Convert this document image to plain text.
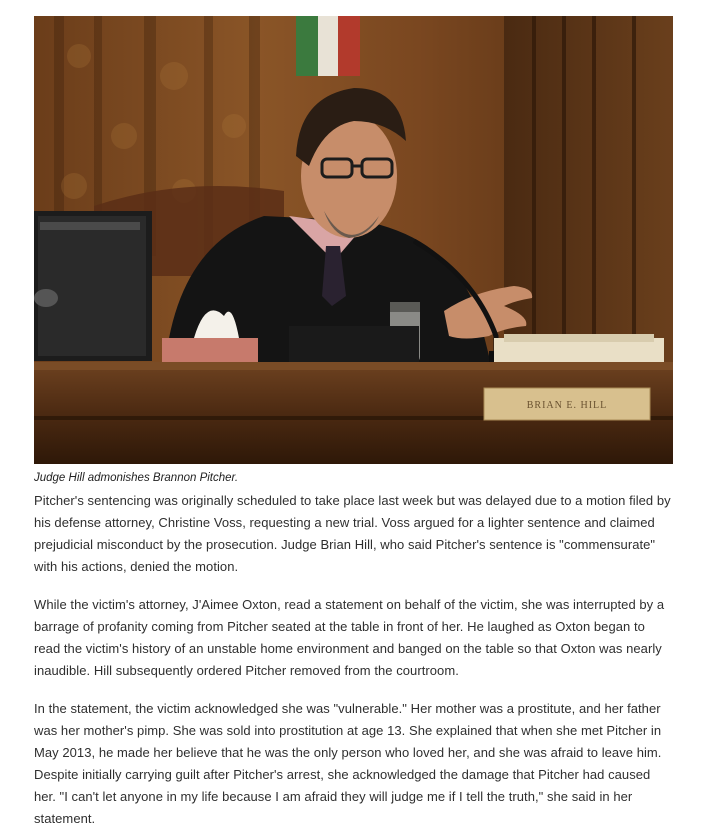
BRIAN E. HILL

Judge Hill admonishes Brannon Pitcher.

Pitcher's sentencing was originally scheduled to take place last week but was delayed due to a motion filed by his defense attorney, Christine Voss, requesting a new trial. Voss argued for a lighter sentence and claimed prejudicial misconduct by the prosecution. Judge Brian Hill, who said Pitcher's sentence is "commensurate" with his actions, denied the motion.

While the victim's attorney, J'Aimee Oxton, read a statement on behalf of the victim, she was interrupted by a barrage of profanity coming from Pitcher seated at the table in front of her. He laughed as Oxton began to read the victim's history of an unstable home environment and banged on the table so that Oxton was nearly inaudible. Hill subsequently ordered Pitcher removed from the courtroom.

In the statement, the victim acknowledged she was "vulnerable." Her mother was a prostitute, and her father was her mother's pimp. She was sold into prostitution at age 13. She explained that when she met Pitcher in May 2013, he made her believe that he was the only person who loved her, and she was afraid to leave him. Despite initially carrying guilt after Pitcher's arrest, she acknowledged the damage that Pitcher had caused her. "I can't let anyone in my life because I am afraid they will judge me if I tell the truth," she said in her statement.
